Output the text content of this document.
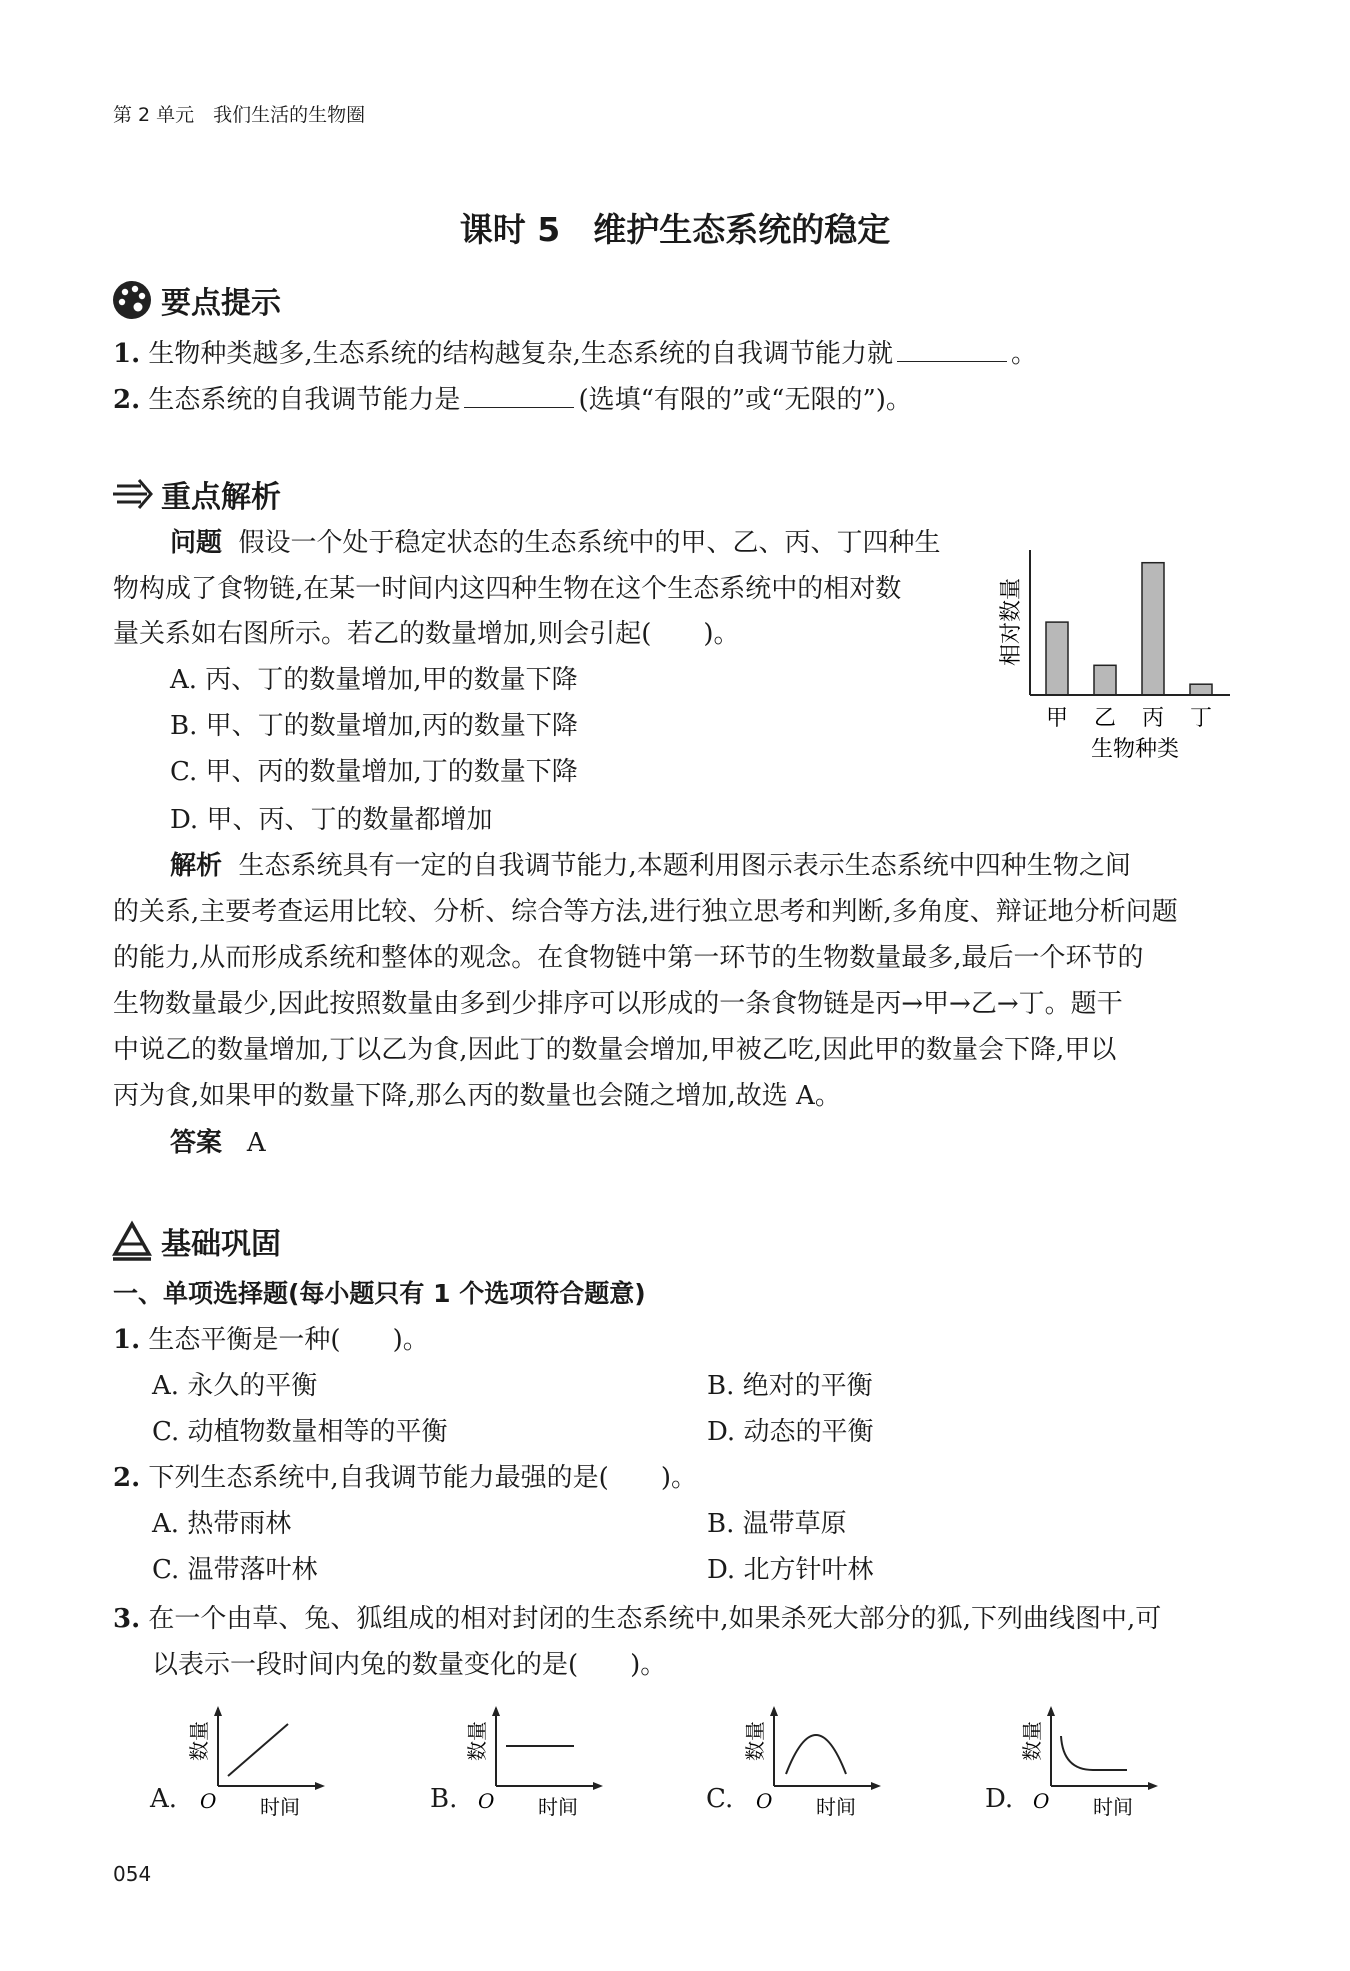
第 2 单元　我们生活的生物圈
课时 5　维护生态系统的稳定
要点提示
1. 生物种类越多,生态系统的结构越复杂,生态系统的自我调节能力就	。
2. 生态系统的自我调节能力是	(选填“有限的”或“无限的”)。
重点解析
问题 假设一个处于稳定状态的生态系统中的甲、乙、丙、丁四种生
物构成了食物链,在某一时间内这四种生物在这个生态系统中的相对数
量关系如右图所示。若乙的数量增加,则会引起(　　)。
A. 丙、丁的数量增加,甲的数量下降
B. 甲、丁的数量增加,丙的数量下降
C. 甲、丙的数量增加,丁的数量下降
D. 甲、丙、丁的数量都增加
相对数量
甲 乙 丙 丁
生物种类
解析 生态系统具有一定的自我调节能力,本题利用图示表示生态系统中四种生物之间
的关系,主要考查运用比较、分析、综合等方法,进行独立思考和判断,多角度、辩证地分析问题
的能力,从而形成系统和整体的观念。在食物链中第一环节的生物数量最多,最后一个环节的
生物数量最少,因此按照数量由多到少排序可以形成的一条食物链是丙→甲→乙→丁。题干
中说乙的数量增加,丁以乙为食,因此丁的数量会增加,甲被乙吃,因此甲的数量会下降,甲以
丙为食,如果甲的数量下降,那么丙的数量也会随之增加,故选 A。
答案 A
基础巩固
一、单项选择题(每小题只有 1 个选项符合题意)
1. 生态平衡是一种(　　)。
A. 永久的平衡	B. 绝对的平衡
C. 动植物数量相等的平衡	D. 动态的平衡
2. 下列生态系统中,自我调节能力最强的是(　　)。
A. 热带雨林	B. 温带草原
C. 温带落叶林	D. 北方针叶林
3. 在一个由草、兔、狐组成的相对封闭的生态系统中,如果杀死大部分的狐,下列曲线图中,可
以表示一段时间内兔的数量变化的是(　　)。
A.
数量
O 时间	B.
数量
O 时间	C.
数量
O 时间	D.
数量
O 时间
054
